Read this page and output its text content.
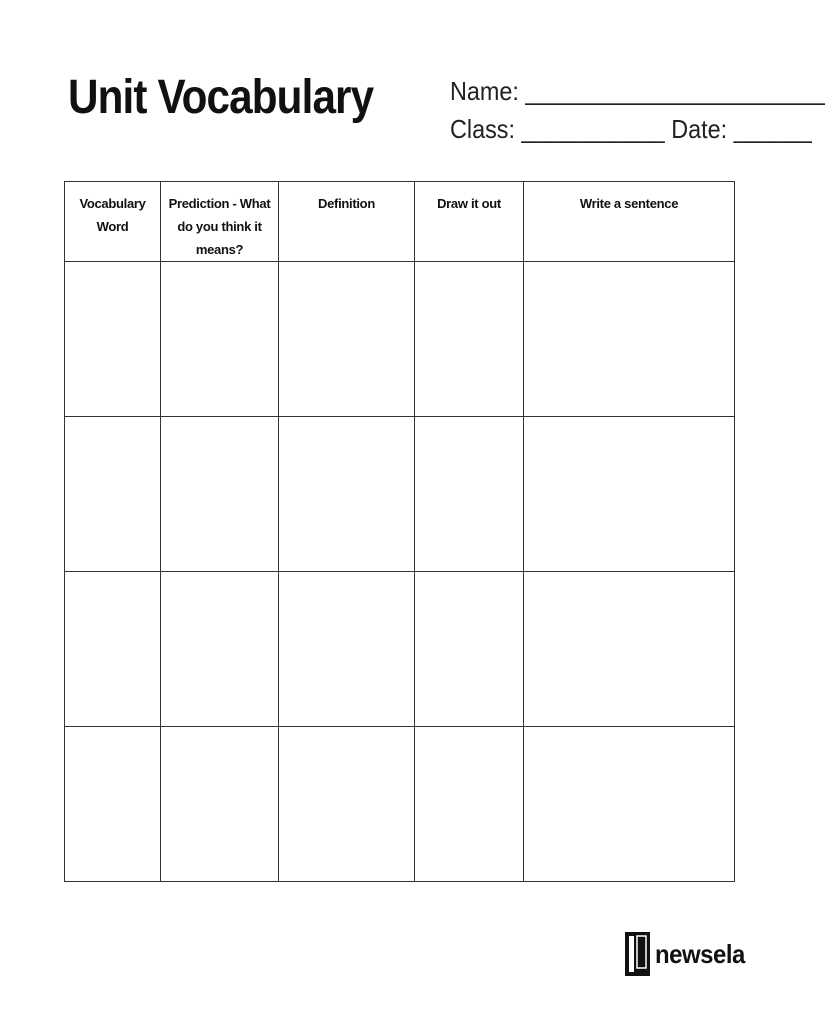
Unit Vocabulary	Name: _______________________
Class: ___________ Date: ______
Vocabulary Word	Prediction - What do you think it means?	Definition	Draw it out	Write a sentence

newsela
